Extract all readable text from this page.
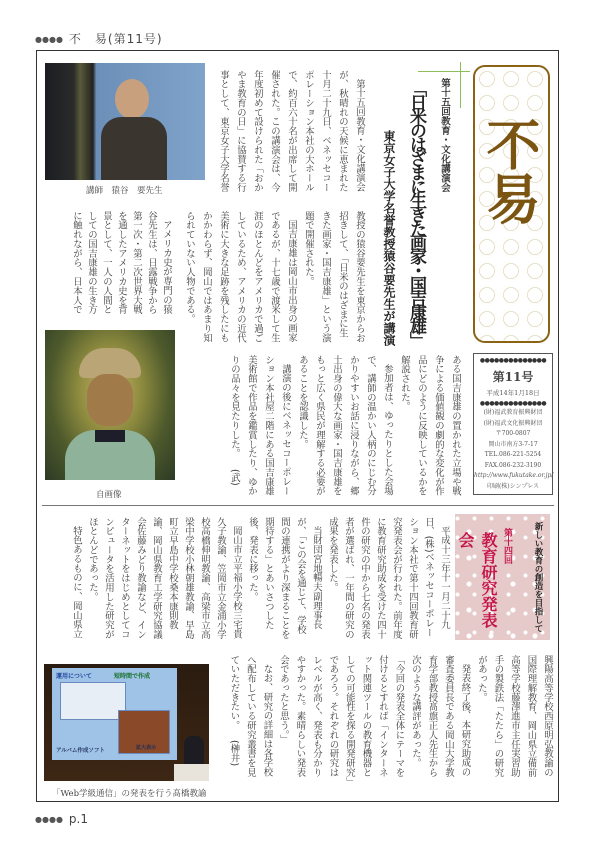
●●●● 不　易(第11号)
講師　猿谷　要先生	第十五回教育・文化講演会
「日米のはざまに生きた画家・国吉康雄」
東京女子大学名誉教授猿谷要先生が講演

第十五回教育・文化講演会が、秋晴れの天候に恵まれた十月二十九日、ベネッセコーポレーション本社の大ホールで、約百六十名が出席して開催された。この講演会は、今年度初めて設けられた「おかやま教育の日」に協賛する行事として、東京女子大学名誉

教授の猿谷要先生を東京からお招きして、「日米のはざまに生きた画家・国吉康雄」という演題で開催された。

国吉康雄は岡山市出身の画家であるが、十七歳で渡米して生涯のほとんどをアメリカで過ごしているため、アメリカの近代美術に大きな足跡を残したにもかかわらず、岡山ではあまり知られていない人物である。

アメリカ史が専門の猿谷先生は、日露戦争から第一次・第二次世界大戦を通したアメリカ史を背景として、一人の人間としての国吉康雄の生き方に触れながら、日本人で

自画像	ある国吉康雄の置かれた立場や戦争による価値観の劇的な変化が作品にどのように反映しているかを解説された。

参加者は、ゆったりとした会場で、講師の温かい人柄のにじむ分かりやすいお話に浸りながら、郷土出身の偉大な画家・国吉康雄をもっと広く県民が理解する必要があることを認識した。

講演の後にベネッセコーポレーション本社屋二階にある国吉康雄美術館で作品を鑑賞したり、ゆかりの品々を見たりした。　(武)

不易
●●●●●●●●●●●●●●
第11号
平成14年1月18日
●●●●●●●●●●●●●●
(財)福武教育振興財団
(財)福武文化振興財団
〒700-0807
岡山市南方3-7-17
TEL.086-221-5254
FAX.086-232-3190
http://www.fukutake.or.jp/
印刷(株)シンプレス
新しい教育の創造を目指して
第十四回
教育研究発表会

平成十三年十一月二十九日、(株)ベネッセコーポレーション本社で第十四回教育研究発表会が行われた。前年度に教育研究助成を受けた四十件の研究の中から七名の発表者が選ばれ、一年間の研究の成果を発表した。

当財団宮地暢夫副理事長が、「この会を通じて、学校間の連携がより深まることを期待する」とあいさつした後、発表に移った。

岡山市立平福小学校三宅貴久子教諭、笠岡市立金浦小学校高橋伸明教諭、高梁市立高梁中学校小林朝雄教諭、早島町立早島中学校桑本康則教諭、岡山県教育工学研究協議会佐藤みどり教諭など、インターネットをはじめとしてコンピュータを活用した研究がほとんどであった。

特色あるものに、岡山県立

興陽高等学校西原明弘教諭の国際理解教育、岡山県立備前高等学校藤澤進市主任実習助手の製鉄法「たたら」の研究があった。

発表終了後、本研究助成の審査委員長である岡山大学教育学部教授髙旗正人先生から次のような講評があった。

「今回の発表全体にテーマを付けるとすれば「インターネット関連ツールの教育機器としての可能性を探る開発研究」であろう。それぞれの研究はレベルが高く、発表も分かりやすかった。素晴らしい発表会であったと思う。」

なお、研究の詳細は各学校へ配布している研究叢書を見ていただきたい。　(榊井)

運用について	短時間で作成
アルバム作成ソフト	拡大表示
「Web学級通信」の発表を行う髙橋教諭
●●●● p.1
